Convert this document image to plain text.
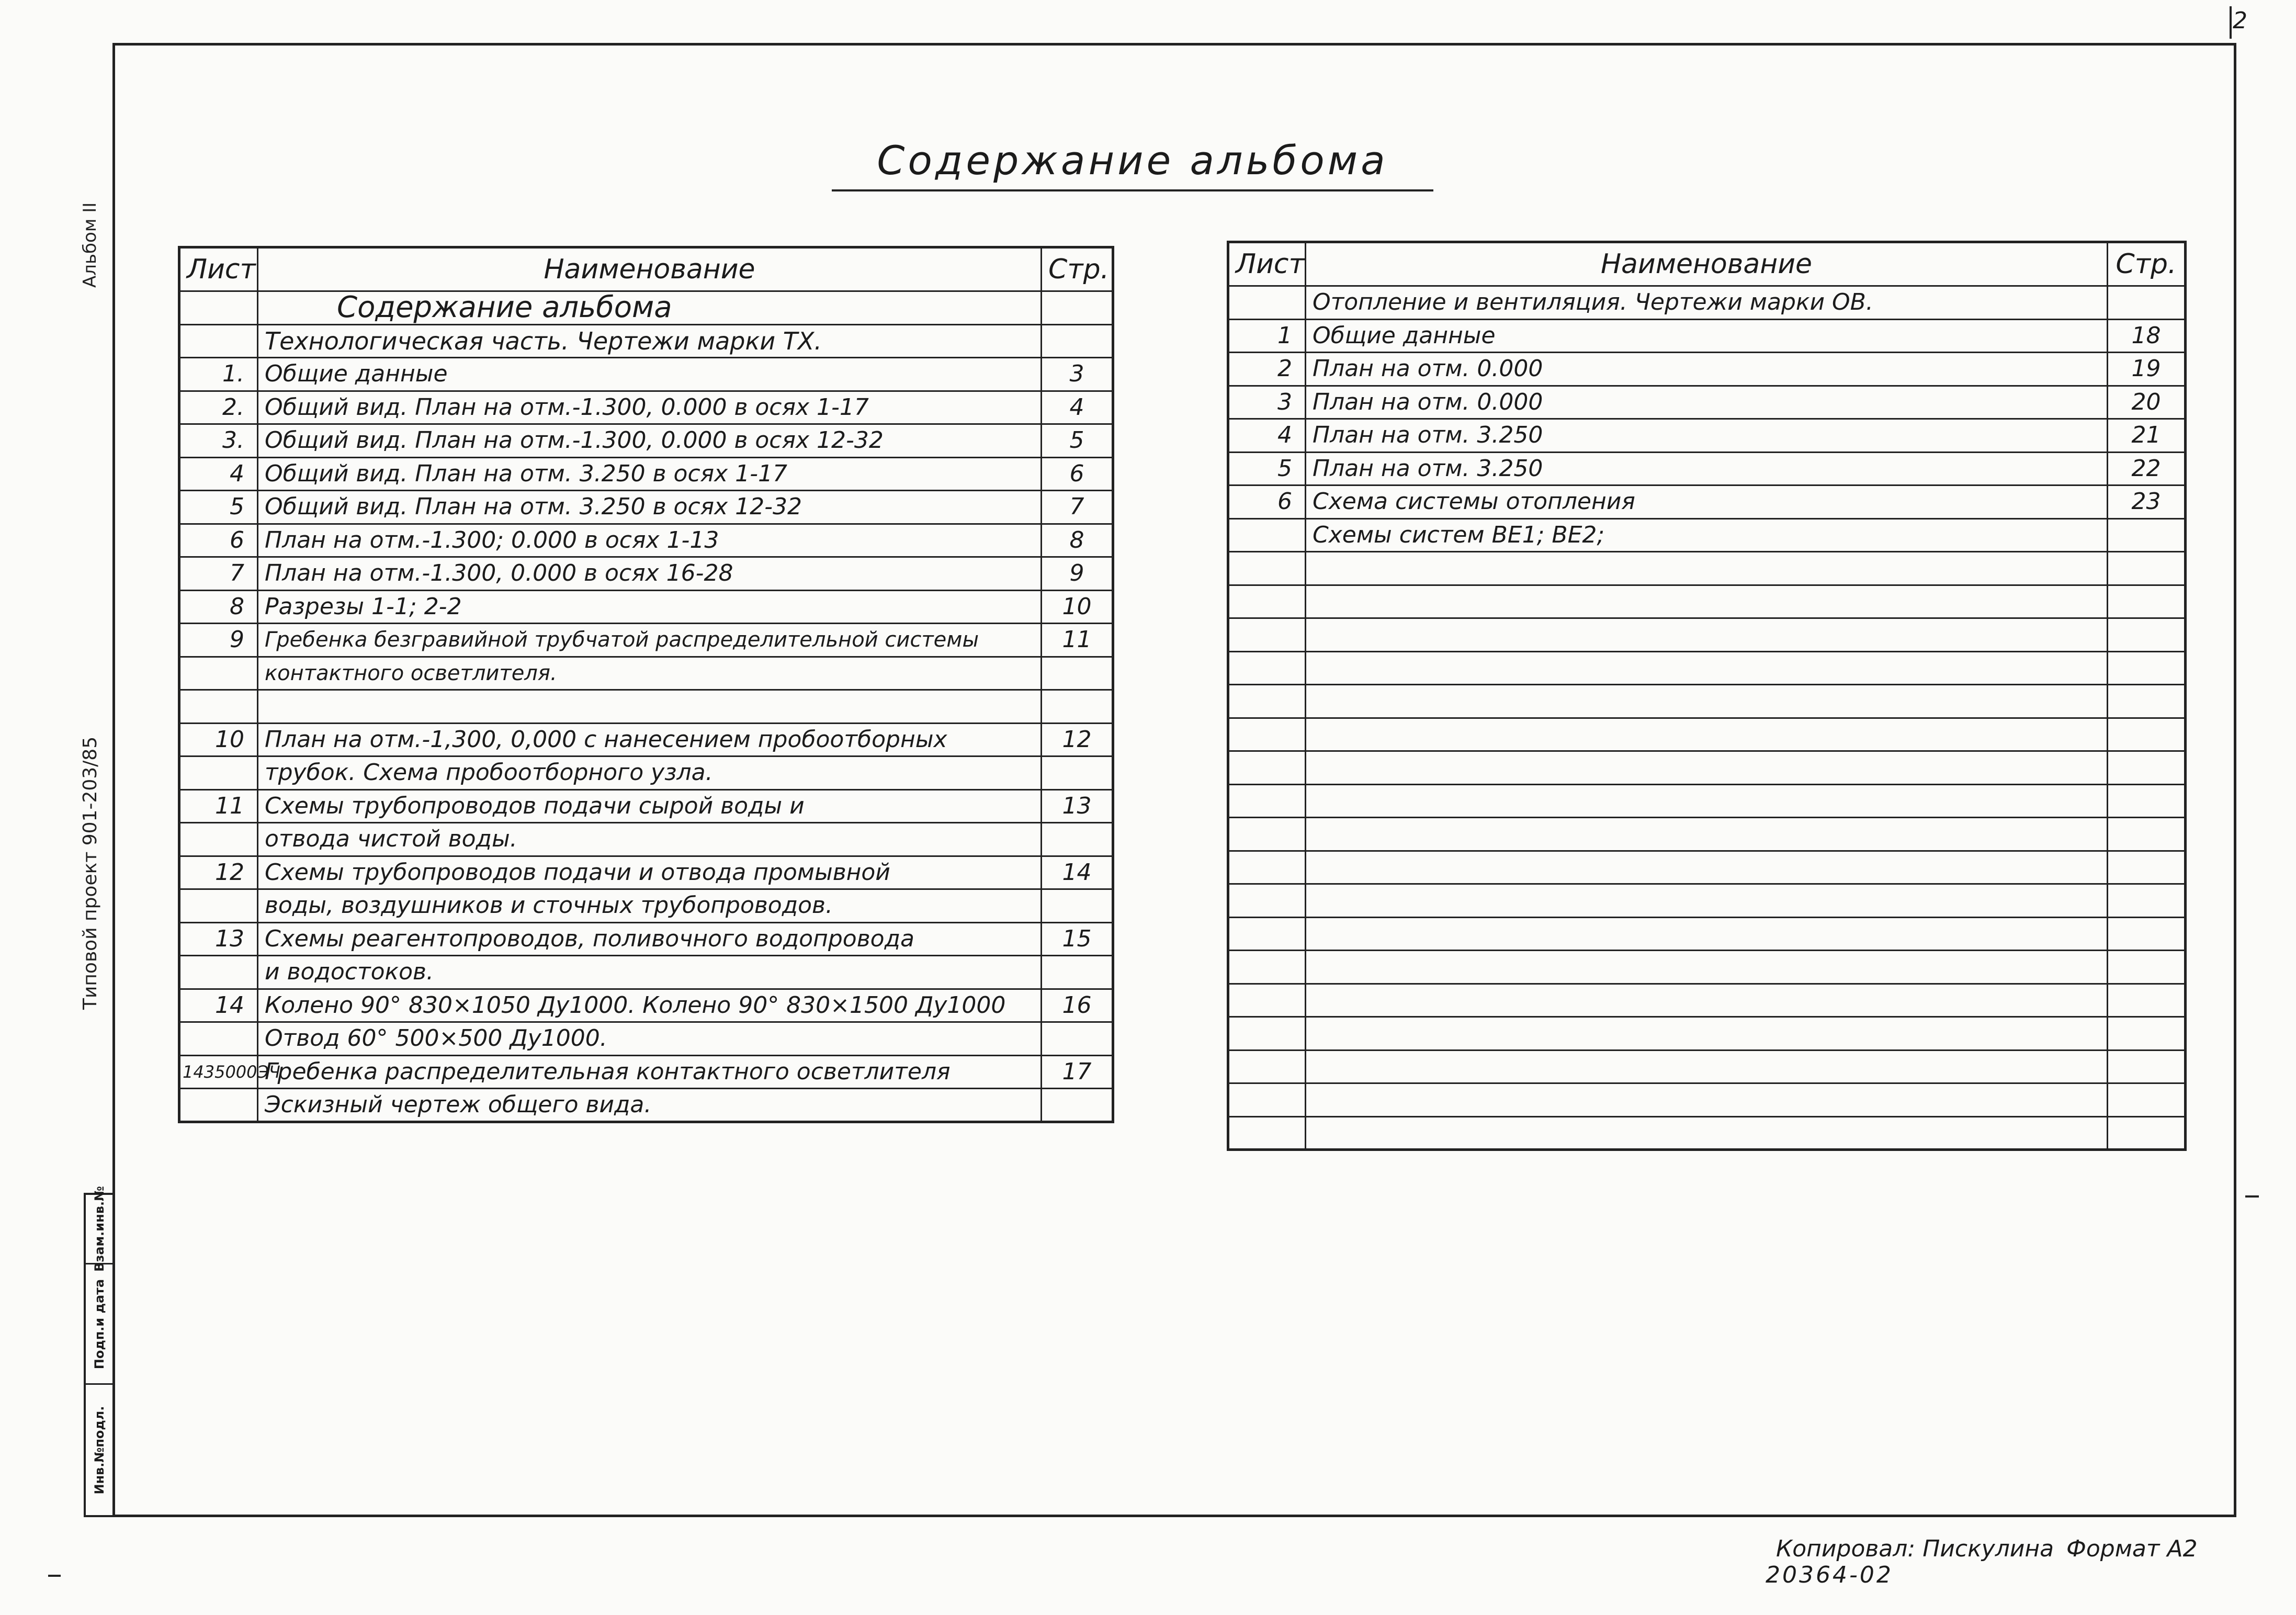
2
Альбом II
Типовой проект 901-203/85
Взам.инв.№
Подп.и дата
Инв.№подл.
Содержание альбома
Лист	Наименование	Стр.
	Содержание альбома	
	Технологическая часть. Чертежи марки ТХ.	
1.	Общие данные	3
2.	Общий вид. План на отм.-1.300, 0.000 в осях 1-17	4
3.	Общий вид. План на отм.-1.300, 0.000 в осях 12-32	5
4	Общий вид. План на отм. 3.250 в осях 1-17	6
5	Общий вид. План на отм. 3.250 в осях 12-32	7
6	План на отм.-1.300; 0.000 в осях 1-13	8
7	План на отм.-1.300, 0.000 в осях 16-28	9
8	Разрезы 1-1; 2-2	10
9	Гребенка безгравийной трубчатой распределительной системы	11
	контактного осветлителя.	

10	План на отм.-1,300, 0,000 с нанесением пробоотборных	12
	трубок. Схема пробоотборного узла.	
11	Схемы трубопроводов подачи сырой воды и	13
	отвода чистой воды.	
12	Схемы трубопроводов подачи и отвода промывной	14
	воды, воздушников и сточных трубопроводов.	
13	Схемы реагентопроводов, поливочного водопровода	15
	и водостоков.	
14	Колено 90° 830×1050 Ду1000. Колено 90° 830×1500 Ду1000	16
	Отвод 60° 500×500 Ду1000.	
1435000ЭЧ	Гребенка распределительная контактного осветлителя	17
	Эскизный чертеж общего вида.	
Лист	Наименование	Стр.
	Отопление и вентиляция. Чертежи марки ОВ.	
1	Общие данные	18
2	План на отм. 0.000	19
3	План на отм. 0.000	20
4	План на отм. 3.250	21
5	План на отм. 3.250	22
6	Схема системы отопления	23
	Схемы систем ВЕ1; ВЕ2;	

Копировал: Пискулина Формат А2
20364-02
